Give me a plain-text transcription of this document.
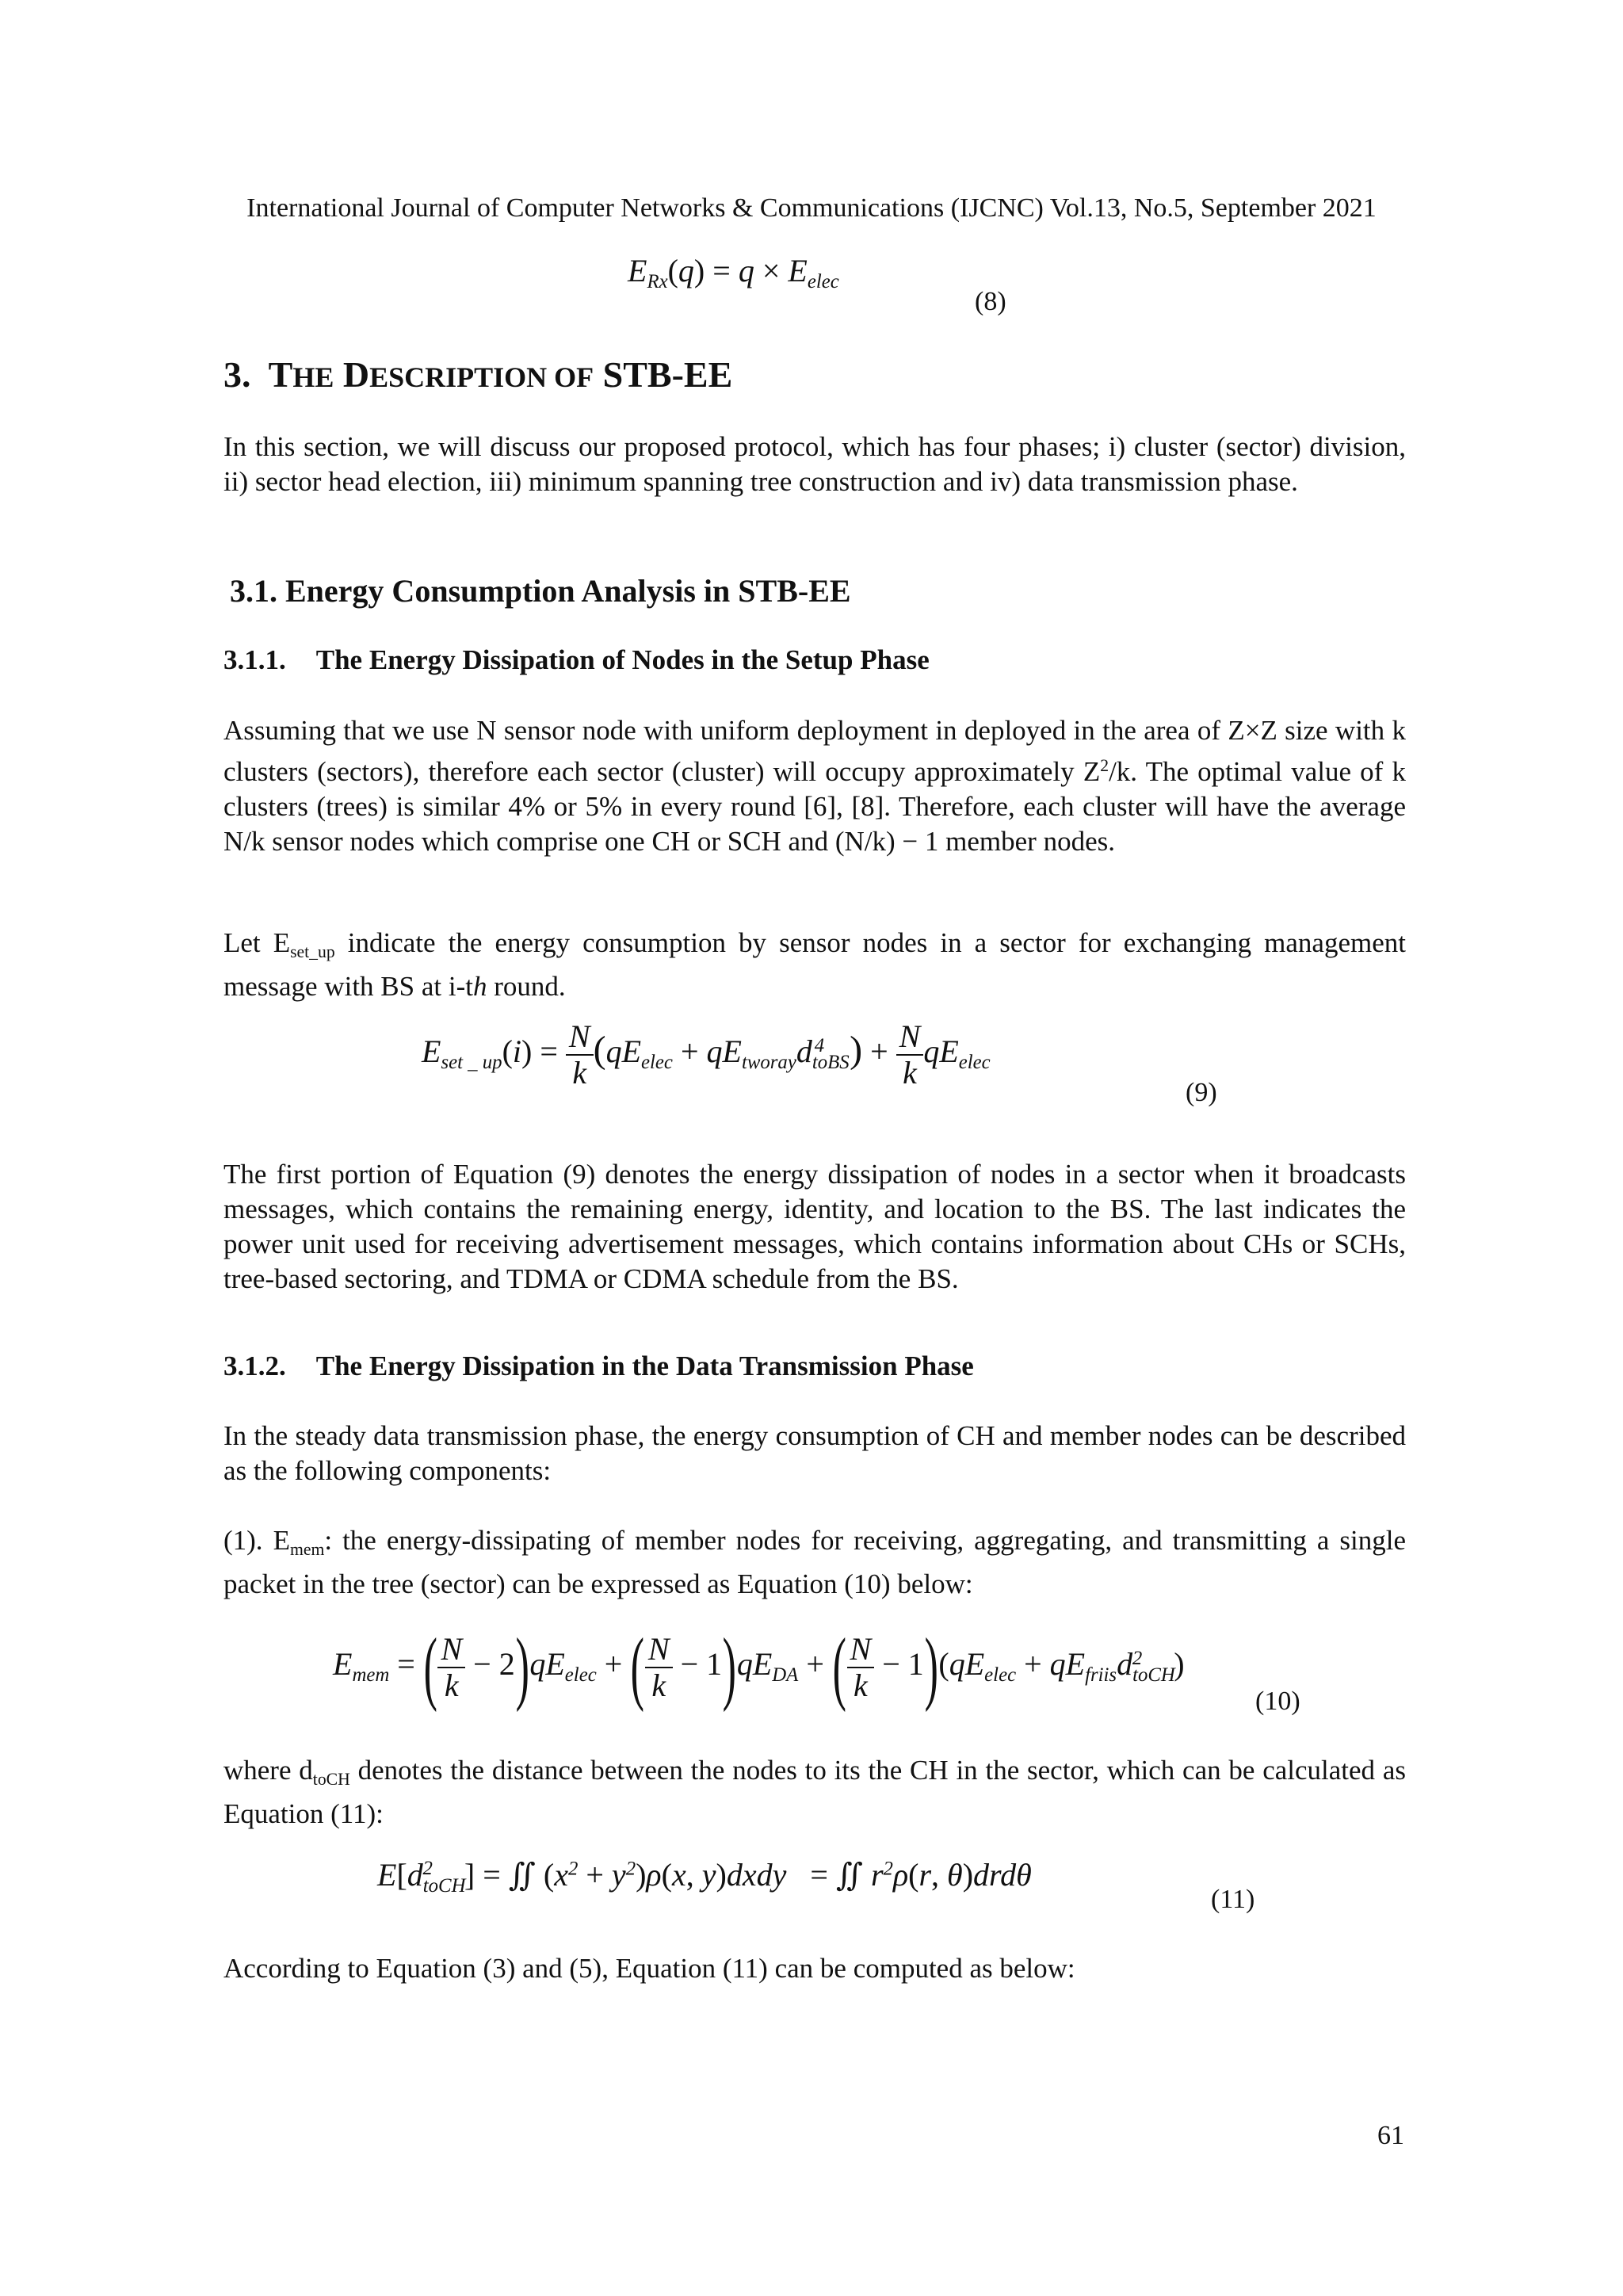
International Journal of Computer Networks & Communications (IJCNC) Vol.13, No.5, September 2021
$E_{Rx}(q) = q \times E_{elec}$
(8)
3. THE DESCRIPTION OF STB-EE
In this section, we will discuss our proposed protocol, which has four phases; i) cluster (sector) division, ii) sector head election, iii) minimum spanning tree construction and iv) data transmission phase.
3.1. Energy Consumption Analysis in STB-EE
3.1.1. The Energy Dissipation of Nodes in the Setup Phase
Assuming that we use N sensor node with uniform deployment in deployed in the area of Z×Z size with k clusters (sectors), therefore each sector (cluster) will occupy approximately $Z^2/k$. The optimal value of k clusters (trees) is similar 4% or 5% in every round [6], [8]. Therefore, each cluster will have the average N/k sensor nodes which comprise one CH or SCH and (N/k) − 1 member nodes.
Let $E_{set\_up}$ indicate the energy consumption by sensor nodes in a sector for exchanging management message with BS at i-th round.
$E_{set \_ up}(i) = \frac{N}{k} (qE_{elec} + qE_{tworay}d_{toBS}^4$ ) + $\frac{N}{k} qE_{elec}$
(9)
The first portion of Equation (9) denotes the energy dissipation of nodes in a sector when it broadcasts messages, which contains the remaining energy, identity, and location to the BS. The last indicates the power unit used for receiving advertisement messages, which contains information about CHs or SCHs, tree-based sectoring, and TDMA or CDMA schedule from the BS.
3.1.2. The Energy Dissipation in the Data Transmission Phase
In the steady data transmission phase, the energy consumption of CH and member nodes can be described as the following components:
(1). $E_{mem}$: the energy-dissipating of member nodes for receiving, aggregating, and transmitting a single packet in the tree (sector) can be expressed as Equation (10) below:
$E_{mem}$ = ( $\frac{N}{k} - 2)qE_{elec}$ + ( $\frac{N}{k} - 1)qE_{DA}$ + ( $\frac{N}{k} - 1)(qE_{elec} + qE_{friis}d_{toCH}^2$ )
(10)
where $d_{toCH}$ denotes the distance between the nodes to its the CH in the sector, which can be calculated as Equation (11):
$E[d_{toCH}^2$ ] = ∬ $(x^2 + y^2)\rho(x$, y)dxdy   = ∬ $r^2\rho(r$, θ)drdθ
(11)
According to Equation (3) and (5), Equation (11) can be computed as below:
61
